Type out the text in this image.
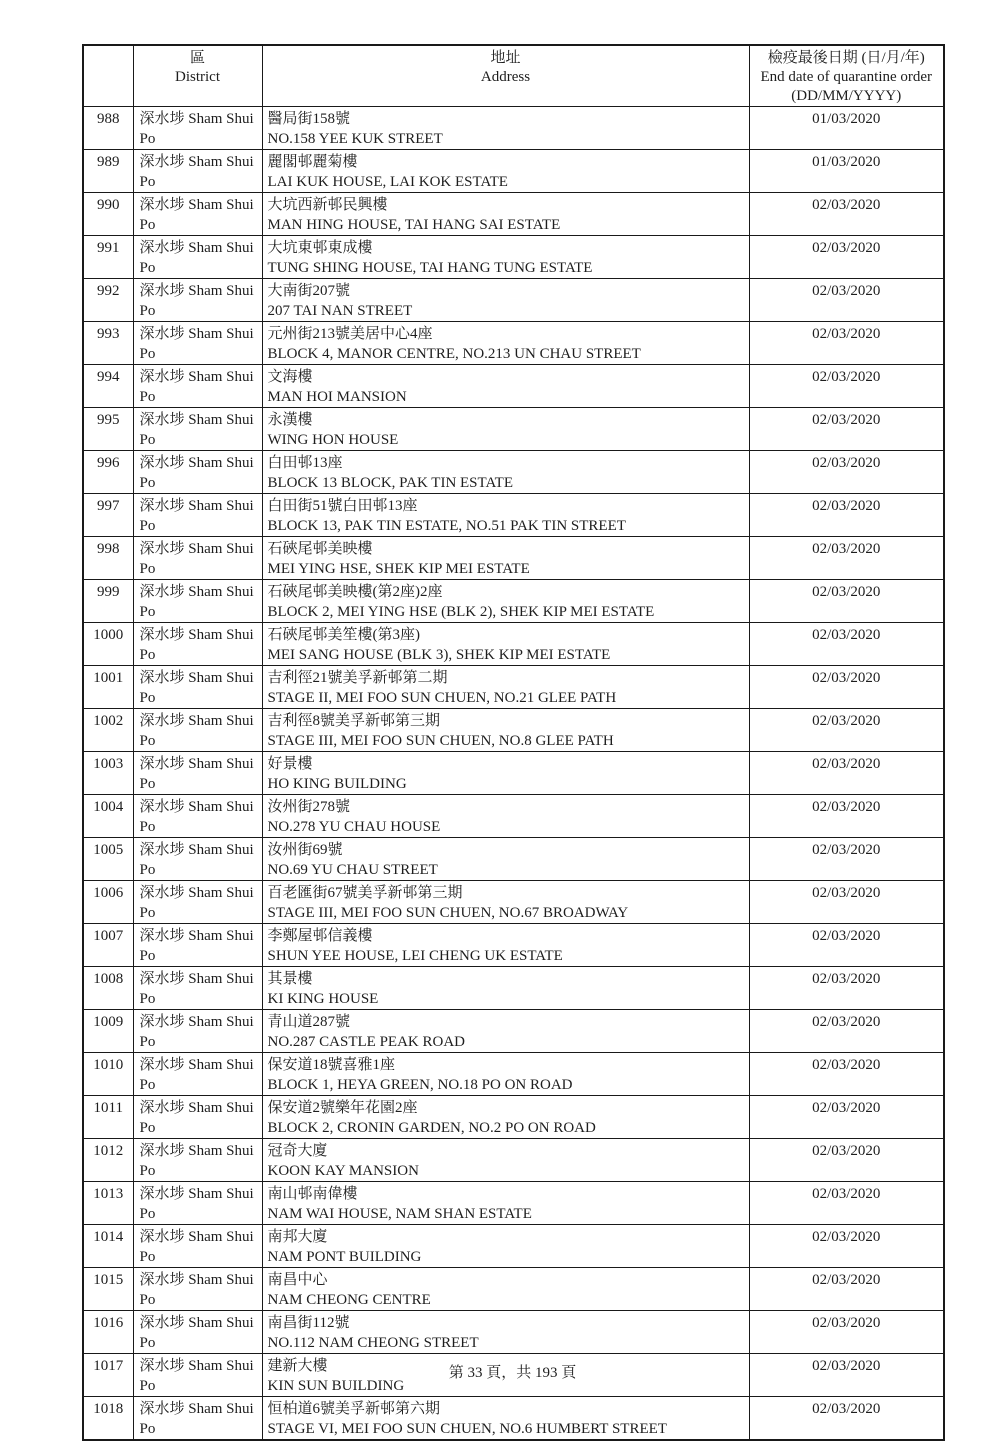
區
District

地址
Address

檢疫最後日期 (日/月/年)
End date of quarantine order
(DD/MM/YYYY)

988	深水埗 Sham Shui Po	醫局街158號
NO.158 YEE KUK STREET	01/03/2020
989	深水埗 Sham Shui Po	麗閣邨麗菊樓
LAI KUK HOUSE, LAI KOK ESTATE	01/03/2020
990	深水埗 Sham Shui Po	大坑西新邨民興樓
MAN HING HOUSE, TAI HANG SAI ESTATE	02/03/2020
991	深水埗 Sham Shui Po	大坑東邨東成樓
TUNG SHING HOUSE, TAI HANG TUNG ESTATE	02/03/2020
992	深水埗 Sham Shui Po	大南街207號
207 TAI NAN STREET	02/03/2020
993	深水埗 Sham Shui Po	元州街213號美居中心4座
BLOCK 4, MANOR CENTRE, NO.213 UN CHAU STREET	02/03/2020
994	深水埗 Sham Shui Po	文海樓
MAN HOI MANSION	02/03/2020
995	深水埗 Sham Shui Po	永漢樓
WING HON HOUSE	02/03/2020
996	深水埗 Sham Shui Po	白田邨13座
BLOCK 13 BLOCK, PAK TIN ESTATE	02/03/2020
997	深水埗 Sham Shui Po	白田街51號白田邨13座
BLOCK 13, PAK TIN ESTATE, NO.51 PAK TIN STREET	02/03/2020
998	深水埗 Sham Shui Po	石硤尾邨美映樓
MEI YING HSE, SHEK KIP MEI ESTATE	02/03/2020
999	深水埗 Sham Shui Po	石硤尾邨美映樓(第2座)2座
BLOCK 2, MEI YING HSE (BLK 2), SHEK KIP MEI ESTATE	02/03/2020
1000	深水埗 Sham Shui Po	石硤尾邨美笙樓(第3座)
MEI SANG HOUSE (BLK 3), SHEK KIP MEI ESTATE	02/03/2020
1001	深水埗 Sham Shui Po	吉利徑21號美孚新邨第二期
STAGE II, MEI FOO SUN CHUEN, NO.21 GLEE PATH	02/03/2020
1002	深水埗 Sham Shui Po	吉利徑8號美孚新邨第三期
STAGE III, MEI FOO SUN CHUEN, NO.8 GLEE PATH	02/03/2020
1003	深水埗 Sham Shui Po	好景樓
HO KING BUILDING	02/03/2020
1004	深水埗 Sham Shui Po	汝州街278號
NO.278 YU CHAU HOUSE	02/03/2020
1005	深水埗 Sham Shui Po	汝州街69號
NO.69 YU CHAU STREET	02/03/2020
1006	深水埗 Sham Shui Po	百老匯街67號美孚新邨第三期
STAGE III, MEI FOO SUN CHUEN, NO.67 BROADWAY	02/03/2020
1007	深水埗 Sham Shui Po	李鄭屋邨信義樓
SHUN YEE HOUSE, LEI CHENG UK ESTATE	02/03/2020
1008	深水埗 Sham Shui Po	其景樓
KI KING HOUSE	02/03/2020
1009	深水埗 Sham Shui Po	青山道287號
NO.287 CASTLE PEAK ROAD	02/03/2020
1010	深水埗 Sham Shui Po	保安道18號喜雅1座
BLOCK 1, HEYA GREEN, NO.18 PO ON ROAD	02/03/2020
1011	深水埗 Sham Shui Po	保安道2號樂年花園2座
BLOCK 2, CRONIN GARDEN, NO.2 PO ON ROAD	02/03/2020
1012	深水埗 Sham Shui Po	冠奇大廈
KOON KAY MANSION	02/03/2020
1013	深水埗 Sham Shui Po	南山邨南偉樓
NAM WAI HOUSE, NAM SHAN ESTATE	02/03/2020
1014	深水埗 Sham Shui Po	南邦大廈
NAM PONT BUILDING	02/03/2020
1015	深水埗 Sham Shui Po	南昌中心
NAM CHEONG CENTRE	02/03/2020
1016	深水埗 Sham Shui Po	南昌街112號
NO.112 NAM CHEONG STREET	02/03/2020
1017	深水埗 Sham Shui Po	建新大樓
KIN SUN BUILDING	02/03/2020
1018	深水埗 Sham Shui Po	恒柏道6號美孚新邨第六期
STAGE VI, MEI FOO SUN CHUEN, NO.6 HUMBERT STREET	02/03/2020
第 33 頁，共 193 頁
